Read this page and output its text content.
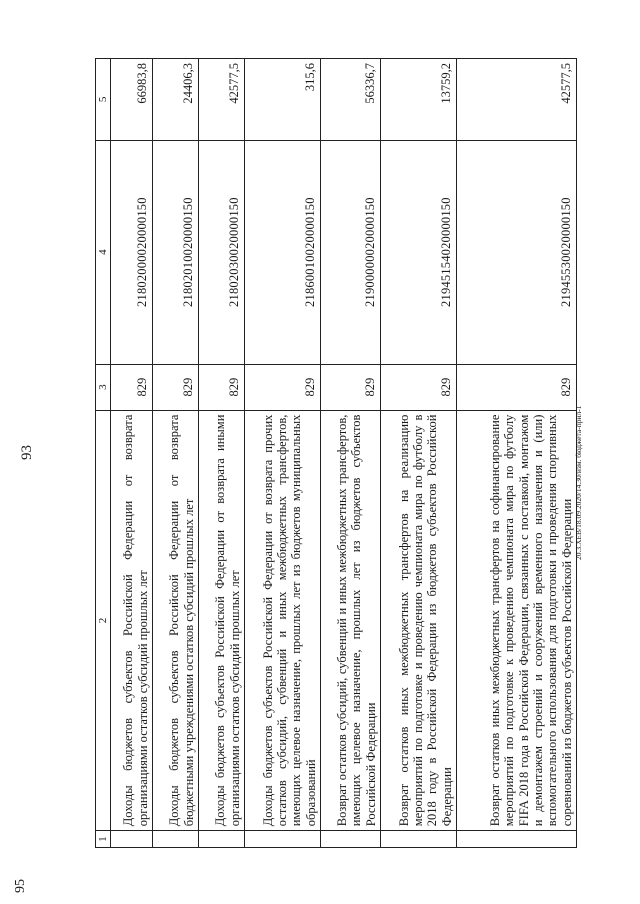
93
95
20.3.XEB/18.09.2020/14.30/изм. бюджета-прил-1
1	2	3	4	5
	Доходы бюджетов субъектов Российской Федерации от возврата организациями остатков субсидий прошлых лет	829	21802000020000150	66983,8
	Доходы бюджетов субъектов Российской Федерации от возврата бюджетными учреждениями остатков субсидий прошлых лет	829	21802010020000150	24406,3
	Доходы бюджетов субъектов Российской Федерации от возврата иными организациями остатков субсидий прошлых лет	829	21802030020000150	42577,5
	Доходы бюджетов субъектов Российской Федерации от возврата прочих остатков субсидий, субвенций и иных межбюджетных трансфертов, имеющих целевое назначение, прошлых лет из бюджетов муниципальных образований	829	21860010020000150	315,6
	Возврат остатков субсидий, субвенций и иных межбюджетных трансфертов, имеющих целевое назначение, прошлых лет из бюджетов субъектов Российской Федерации	829	21900000020000150	56336,7
	Возврат остатков иных межбюджетных трансфертов на реализацию мероприятий по подготовке и проведению чемпионата мира по футболу в 2018 году в Российской Федерации из бюджетов субъектов Российской Федерации	829	21945154020000150	13759,2
	Возврат остатков иных межбюджетных трансфертов на софинансирование мероприятий по подготовке к проведению чемпионата мира по футболу FIFA 2018 года в Российской Федерации, связанных с поставкой, монтажом и демонтажем строений и сооружений временного назначения и (или) вспомогательного использования для подготовки и проведения спортивных соревнований из бюджетов субъектов Российской Федерации	829	21945530020000150	42577,5
